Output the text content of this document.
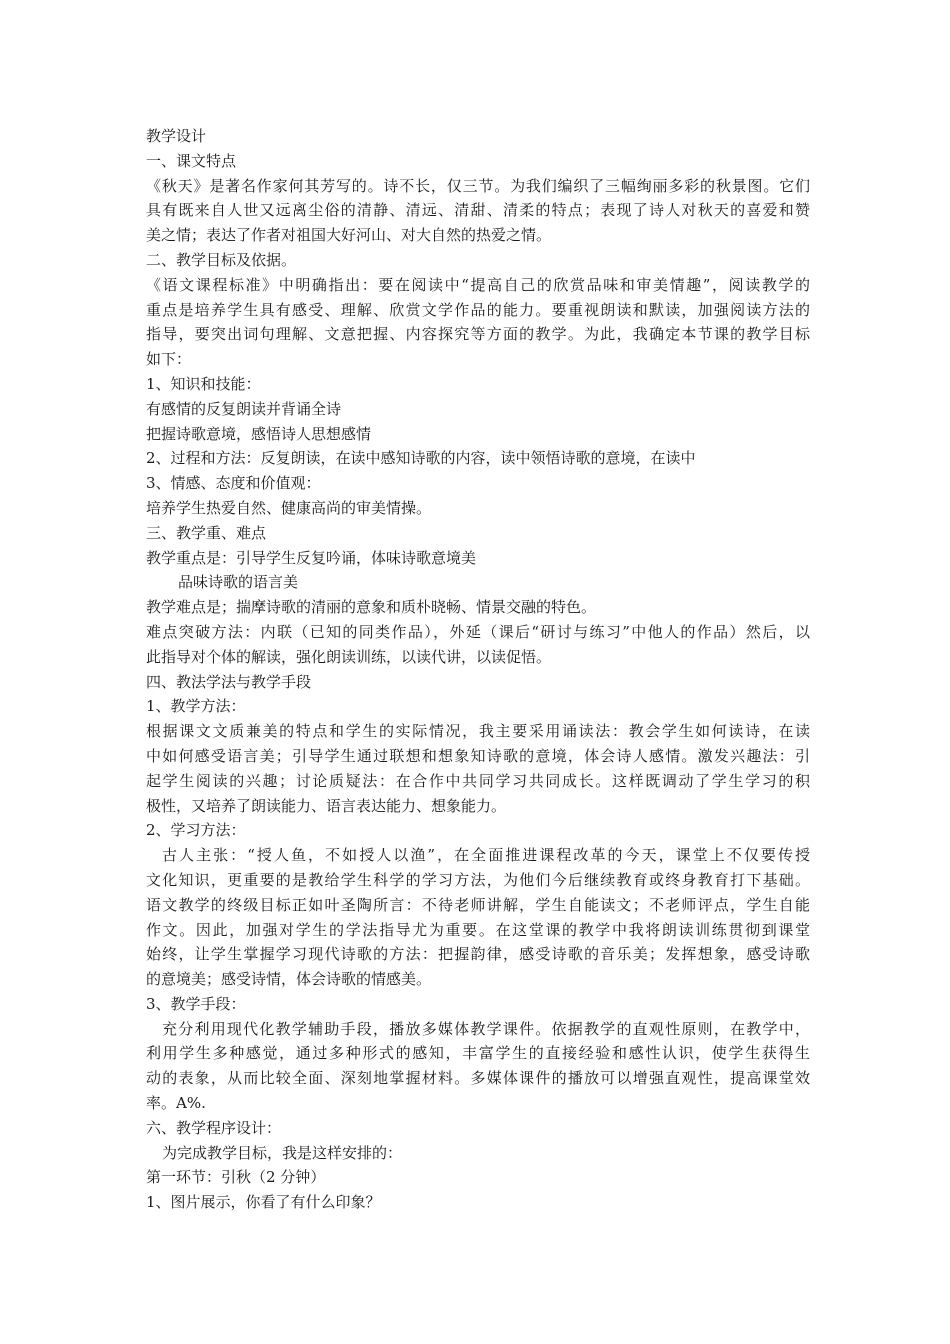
教学设计
一、课文特点
《秋天》是著名作家何其芳写的。诗不长，仅三节。为我们编织了三幅绚丽多彩的秋景图。它们
具有既来自人世又远离尘俗的清静、清远、清甜、清柔的特点；表现了诗人对秋天的喜爱和赞
美之情；表达了作者对祖国大好河山、对大自然的热爱之情。
二、教学目标及依据。
《语文课程标准》中明确指出：要在阅读中“提高自己的欣赏品味和审美情趣”，阅读教学的
重点是培养学生具有感受、理解、欣赏文学作品的能力。要重视朗读和默读，加强阅读方法的
指导，要突出词句理解、文意把握、内容探究等方面的教学。为此，我确定本节课的教学目标
如下：
1、知识和技能：
有感情的反复朗读并背诵全诗
把握诗歌意境，感悟诗人思想感情
2、过程和方法：反复朗读，在读中感知诗歌的内容，读中领悟诗歌的意境，在读中
3、情感、态度和价值观：
培养学生热爱自然、健康高尚的审美情操。
三、教学重、难点
教学重点是：引导学生反复吟诵，体味诗歌意境美
品味诗歌的语言美
教学难点是；揣摩诗歌的清丽的意象和质朴晓畅、情景交融的特色。
难点突破方法：内联（已知的同类作品），外延（课后“研讨与练习”中他人的作品）然后，以
此指导对个体的解读，强化朗读训练，以读代讲，以读促悟。
四、教法学法与教学手段
1、教学方法：
根据课文文质兼美的特点和学生的实际情况，我主要采用诵读法：教会学生如何读诗，在读
中如何感受语言美；引导学生通过联想和想象知诗歌的意境，体会诗人感情。激发兴趣法：引
起学生阅读的兴趣；讨论质疑法：在合作中共同学习共同成长。这样既调动了学生学习的积
极性，又培养了朗读能力、语言表达能力、想象能力。
2、学习方法：
古人主张：“授人鱼，不如授人以渔”，在全面推进课程改革的今天，课堂上不仅要传授
文化知识，更重要的是教给学生科学的学习方法，为他们今后继续教育或终身教育打下基础。
语文教学的终级目标正如叶圣陶所言：不待老师讲解，学生自能读文；不老师评点，学生自能
作文。因此，加强对学生的学法指导尤为重要。在这堂课的教学中我将朗读训练贯彻到课堂
始终，让学生掌握学习现代诗歌的方法：把握韵律，感受诗歌的音乐美；发挥想象，感受诗歌
的意境美；感受诗情，体会诗歌的情感美。
3、教学手段：
充分利用现代化教学辅助手段，播放多媒体教学课件。依据教学的直观性原则，在教学中，
利用学生多种感觉，通过多种形式的感知，丰富学生的直接经验和感性认识，使学生获得生
动的表象，从而比较全面、深刻地掌握材料。多媒体课件的播放可以增强直观性，提高课堂效
率。A%.
六、教学程序设计：
为完成教学目标，我是这样安排的：
第一环节：引秋（2 分钟）
1、图片展示，你看了有什么印象？
